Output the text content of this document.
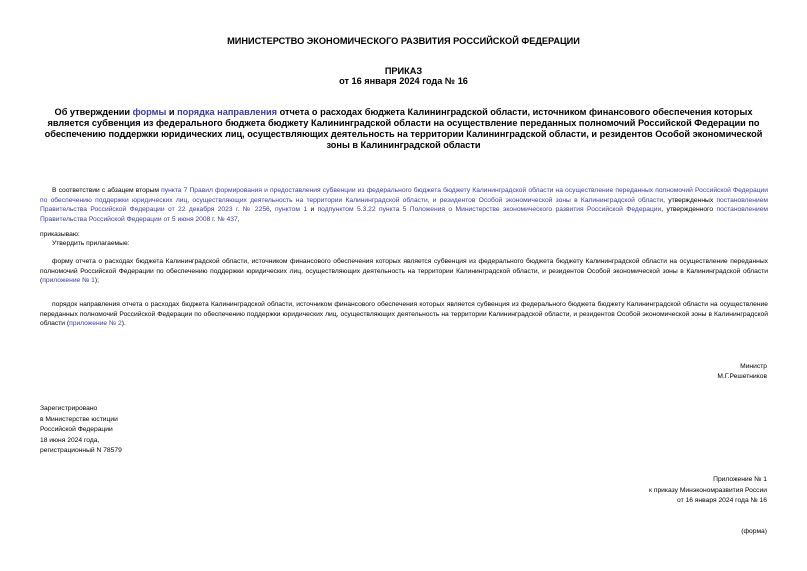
МИНИСТЕРСТВО ЭКОНОМИЧЕСКОГО РАЗВИТИЯ РОССИЙСКОЙ ФЕДЕРАЦИИ
ПРИКАЗ
от 16 января 2024 года № 16
Об утверждении формы и порядка направления отчета о расходах бюджета Калининградской области, источником финансового обеспечения которых является субвенция из федерального бюджета бюджету Калининградской области на осуществление переданных полномочий Российской Федерации по обеспечению поддержки юридических лиц, осуществляющих деятельность на территории Калининградской области, и резидентов Особой экономической зоны в Калининградской области
В соответствии с абзацем вторым пункта 7 Правил формирования и предоставления субвенции из федерального бюджета бюджету Калининградской области на осуществление переданных полномочий Российской Федерации по обеспечению поддержки юридических лиц, осуществляющих деятельность на территории Калининградской области, и резидентов Особой экономической зоны в Калининградской области, утвержденных постановлением Правительства Российской Федерации от 22 декабря 2023 г. № 2256, пунктом 1 и подпунктом 5.3.22 пункта 5 Положения о Министерстве экономического развития Российской Федерации, утвержденного постановлением Правительства Российской Федерации от 5 июня 2008 г. № 437,
приказываю:
Утвердить прилагаемые:
форму отчета о расходах бюджета Калининградской области, источником финансового обеспечения которых является субвенция из федерального бюджета бюджету Калининградской области на осуществление переданных полномочий Российской Федерации по обеспечению поддержки юридических лиц, осуществляющих деятельность на территории Калининградской области, и резидентов Особой экономической зоны в Калининградской области (приложение № 1);
порядок направления отчета о расходах бюджета Калининградской области, источником финансового обеспечения которых является субвенция из федерального бюджета бюджету Калининградской области на осуществление переданных полномочий Российской Федерации по обеспечению поддержки юридических лиц, осуществляющих деятельность на территории Калининградской области, и резидентов Особой экономической зоны в Калининградской области (приложение № 2).
Министр
М.Г.Решетников
Зарегистрировано
в Министерстве юстиции
Российской Федерации
18 июня 2024 года,
регистрационный N 78579
Приложение № 1
к приказу Минэкономразвития России
от 16 января 2024 года № 16
(форма)
